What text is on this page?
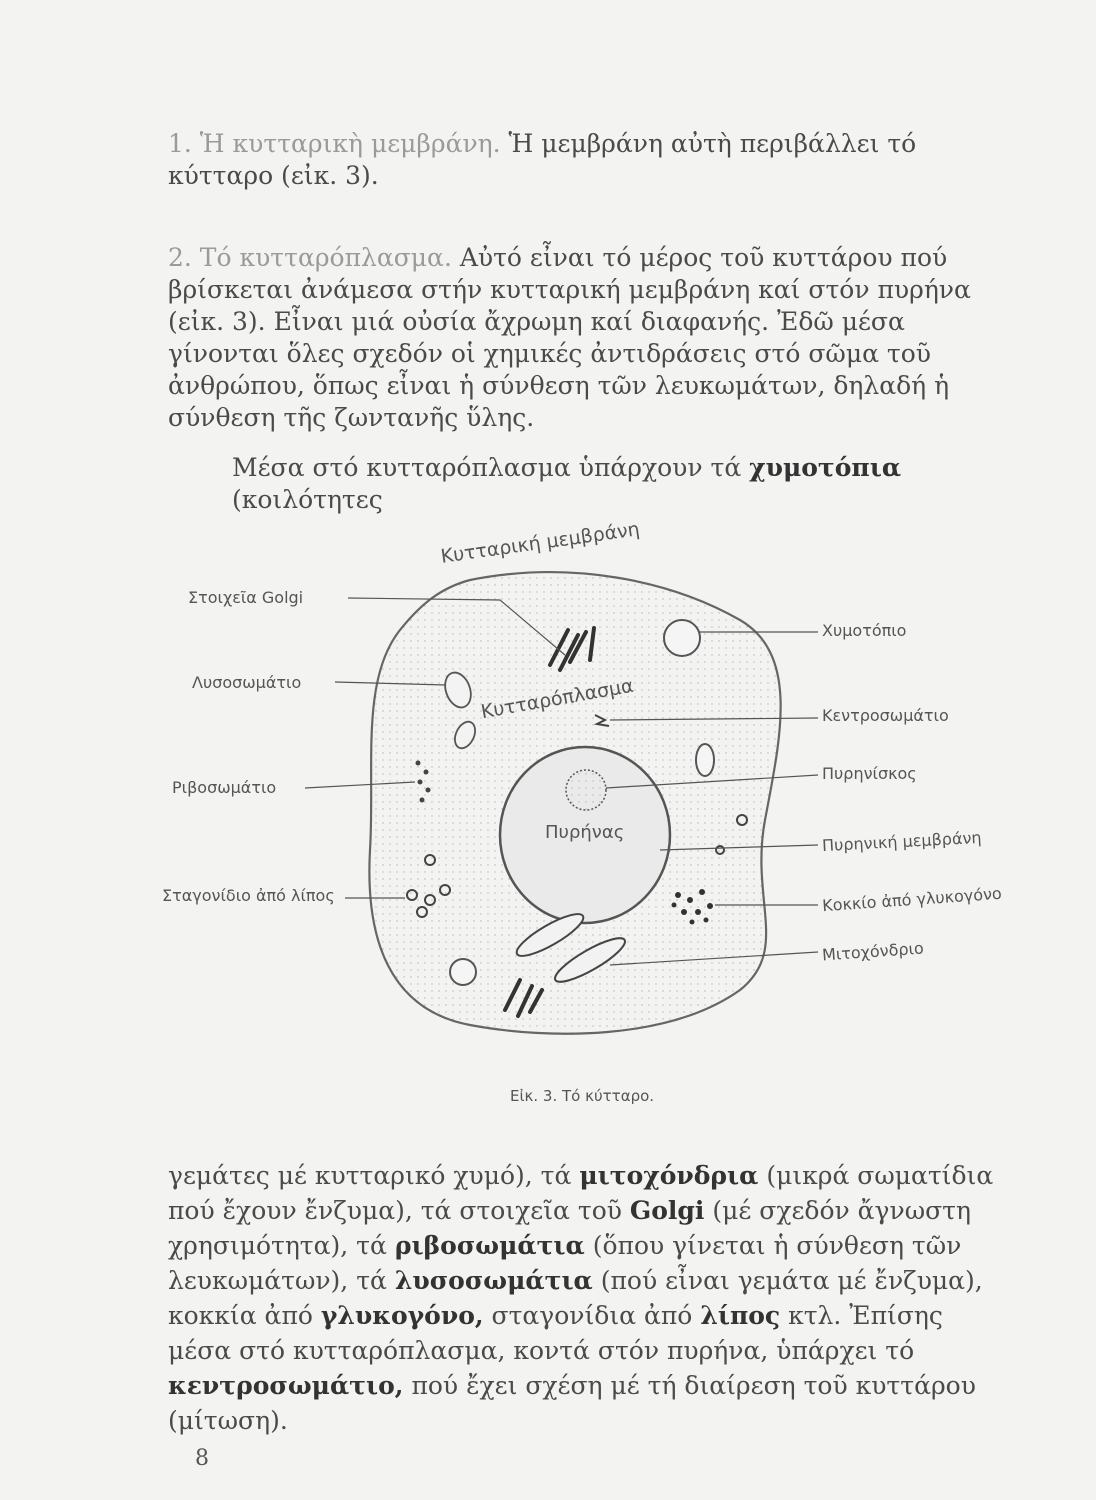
1. Ἡ κυτταρικὴ μεμβράνη. Ἡ μεμβράνη αὐτὴ περιβάλλει τό κύτταρο (εἰκ. 3).

2. Τό κυτταρόπλασμα. Αὐτό εἶναι τό μέρος τοῦ κυττάρου πού βρίσκεται ἀνάμεσα στήν κυτταρική μεμβράνη καί στόν πυρήνα (εἰκ. 3). Εἶναι μιά οὐσία ἄχρωμη καί διαφανής. Ἐδῶ μέσα γίνονται ὅλες σχεδόν οἱ χημικές ἀντιδράσεις στό σῶμα τοῦ ἀνθρώπου, ὅπως εἶναι ἡ σύνθεση τῶν λευκωμάτων, δηλαδή ἡ σύνθεση τῆς ζωντανῆς ὕλης.

Μέσα στό κυτταρόπλασμα ὑπάρχουν τά χυμοτόπια (κοιλότητες

Κυτταρική μεμβράνη
Κυτταρόπλασμα
Πυρήνας
Στοιχεῖα Golgi
Λυσοσωμάτιο
Ριβοσωμάτιο
Σταγονίδιο ἀπό λίπος
Χυμοτόπιο
Κεντροσωμάτιο
Πυρηνίσκος
Πυρηνική μεμβράνη
Κοκκίο ἀπό γλυκογόνο
Μιτοχόνδριο
Εἰκ. 3. Τό κύτταρο.

γεμάτες μέ κυτταρικό χυμό), τά μιτοχόνδρια (μικρά σωματίδια πού ἔχουν ἔνζυμα), τά στοιχεῖα τοῦ Golgi (μέ σχεδόν ἄγνωστη χρησιμότητα), τά ριβοσωμάτια (ὅπου γίνεται ἡ σύνθεση τῶν λευκωμάτων), τά λυσοσωμάτια (πού εἶναι γεμάτα μέ ἔνζυμα), κοκκία ἀπό γλυκογόνο, σταγονίδια ἀπό λίπος κτλ. Ἐπίσης μέσα στό κυτταρόπλασμα, κοντά στόν πυρήνα, ὑπάρχει τό κεντροσωμάτιο, πού ἔχει σχέση μέ τή διαίρεση τοῦ κυττάρου (μίτωση).

8
